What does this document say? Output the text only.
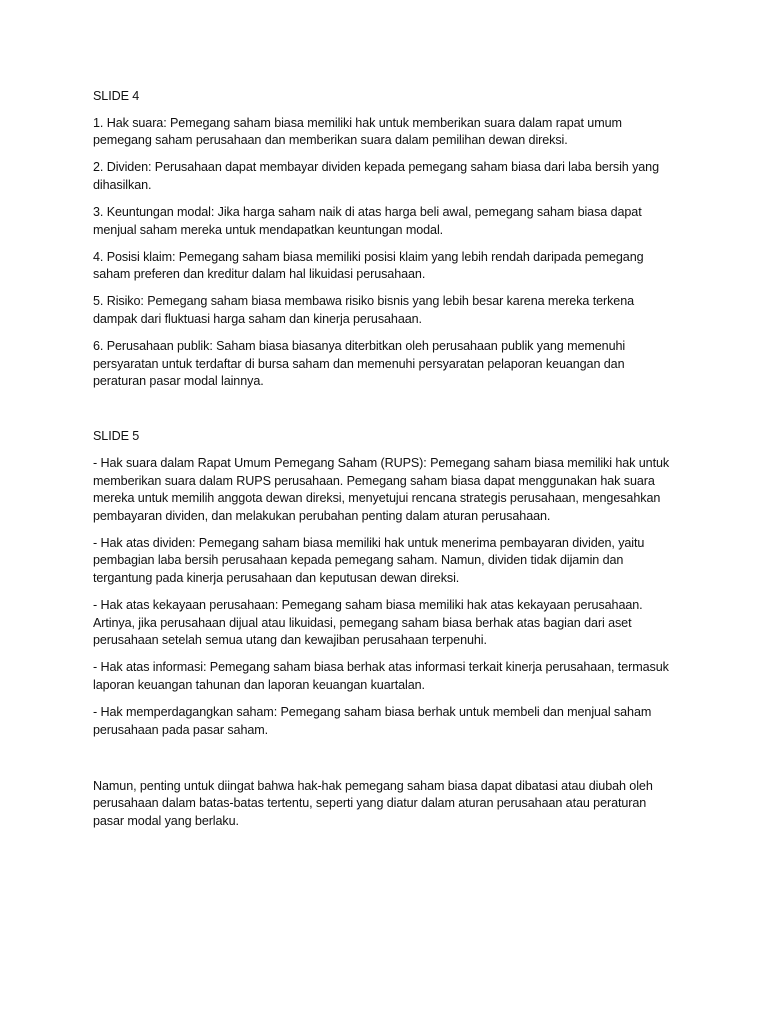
SLIDE 4

1. Hak suara: Pemegang saham biasa memiliki hak untuk memberikan suara dalam rapat umum pemegang saham perusahaan dan memberikan suara dalam pemilihan dewan direksi.

2. Dividen: Perusahaan dapat membayar dividen kepada pemegang saham biasa dari laba bersih yang dihasilkan.

3. Keuntungan modal: Jika harga saham naik di atas harga beli awal, pemegang saham biasa dapat menjual saham mereka untuk mendapatkan keuntungan modal.

4. Posisi klaim: Pemegang saham biasa memiliki posisi klaim yang lebih rendah daripada pemegang saham preferen dan kreditur dalam hal likuidasi perusahaan.

5. Risiko: Pemegang saham biasa membawa risiko bisnis yang lebih besar karena mereka terkena dampak dari fluktuasi harga saham dan kinerja perusahaan.

6. Perusahaan publik: Saham biasa biasanya diterbitkan oleh perusahaan publik yang memenuhi persyaratan untuk terdaftar di bursa saham dan memenuhi persyaratan pelaporan keuangan dan peraturan pasar modal lainnya.

SLIDE 5

- Hak suara dalam Rapat Umum Pemegang Saham (RUPS): Pemegang saham biasa memiliki hak untuk memberikan suara dalam RUPS perusahaan. Pemegang saham biasa dapat menggunakan hak suara mereka untuk memilih anggota dewan direksi, menyetujui rencana strategis perusahaan, mengesahkan pembayaran dividen, dan melakukan perubahan penting dalam aturan perusahaan.

- Hak atas dividen: Pemegang saham biasa memiliki hak untuk menerima pembayaran dividen, yaitu pembagian laba bersih perusahaan kepada pemegang saham. Namun, dividen tidak dijamin dan tergantung pada kinerja perusahaan dan keputusan dewan direksi.

- Hak atas kekayaan perusahaan: Pemegang saham biasa memiliki hak atas kekayaan perusahaan. Artinya, jika perusahaan dijual atau likuidasi, pemegang saham biasa berhak atas bagian dari aset perusahaan setelah semua utang dan kewajiban perusahaan terpenuhi.

- Hak atas informasi: Pemegang saham biasa berhak atas informasi terkait kinerja perusahaan, termasuk laporan keuangan tahunan dan laporan keuangan kuartalan.

- Hak memperdagangkan saham: Pemegang saham biasa berhak untuk membeli dan menjual saham perusahaan pada pasar saham.

Namun, penting untuk diingat bahwa hak-hak pemegang saham biasa dapat dibatasi atau diubah oleh perusahaan dalam batas-batas tertentu, seperti yang diatur dalam aturan perusahaan atau peraturan pasar modal yang berlaku.
